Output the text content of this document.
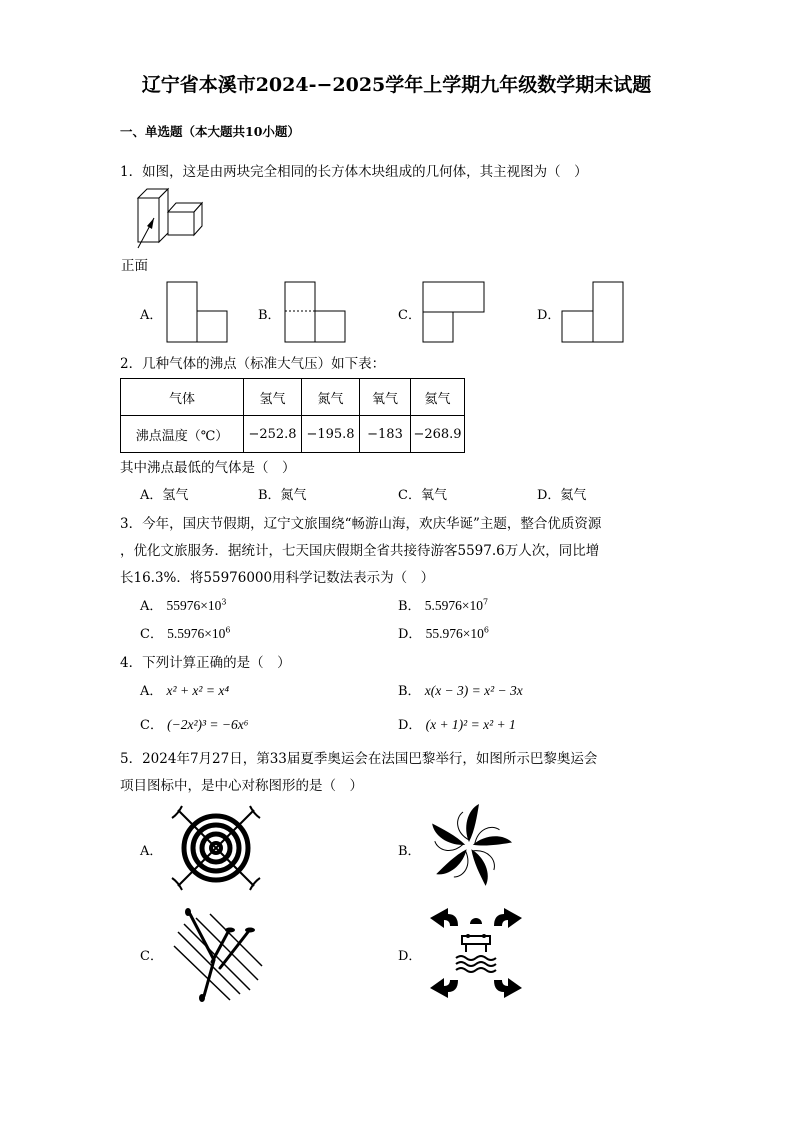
辽宁省本溪市2024-−2025学年上学期九年级数学期末试题
一、单选题（本大题共10小题）
1．如图，这是由两块完全相同的长方体木块组成的几何体，其主视图为（　）
正面
A．	B．	C．	D．
2．几种气体的沸点（标准大气压）如下表：
气体	氢气	氮气	氧气	氦气
沸点温度（℃）	−252.8	−195.8	−183	−268.9
其中沸点最低的气体是（　）
A．氢气	B．氮气	C．氧气	D．氦气
3．今年，国庆节假期，辽宁文旅围绕“畅游山海，欢庆华诞”主题，整合优质资源
，优化文旅服务．据统计，七天国庆假期全省共接待游客5597.6万人次，同比增
长16.3%．将55976000用科学记数法表示为（　）
A． $55976\times 10^3$	B． $5.5976\times 10^7$
C． $5.5976\times 10^6$	D． $55.976\times 10^6$
4．下列计算正确的是（　）
A． x² + x² = x⁴	B． x(x − 3) = x² − 3x
C． (−2x²)³ = −6x⁶	D． (x + 1)² = x² + 1
5．2024年7月27日，第33届夏季奥运会在法国巴黎举行，如图所示巴黎奥运会
项目图标中，是中心对称图形的是（　）
A．	B．
C．	D．
